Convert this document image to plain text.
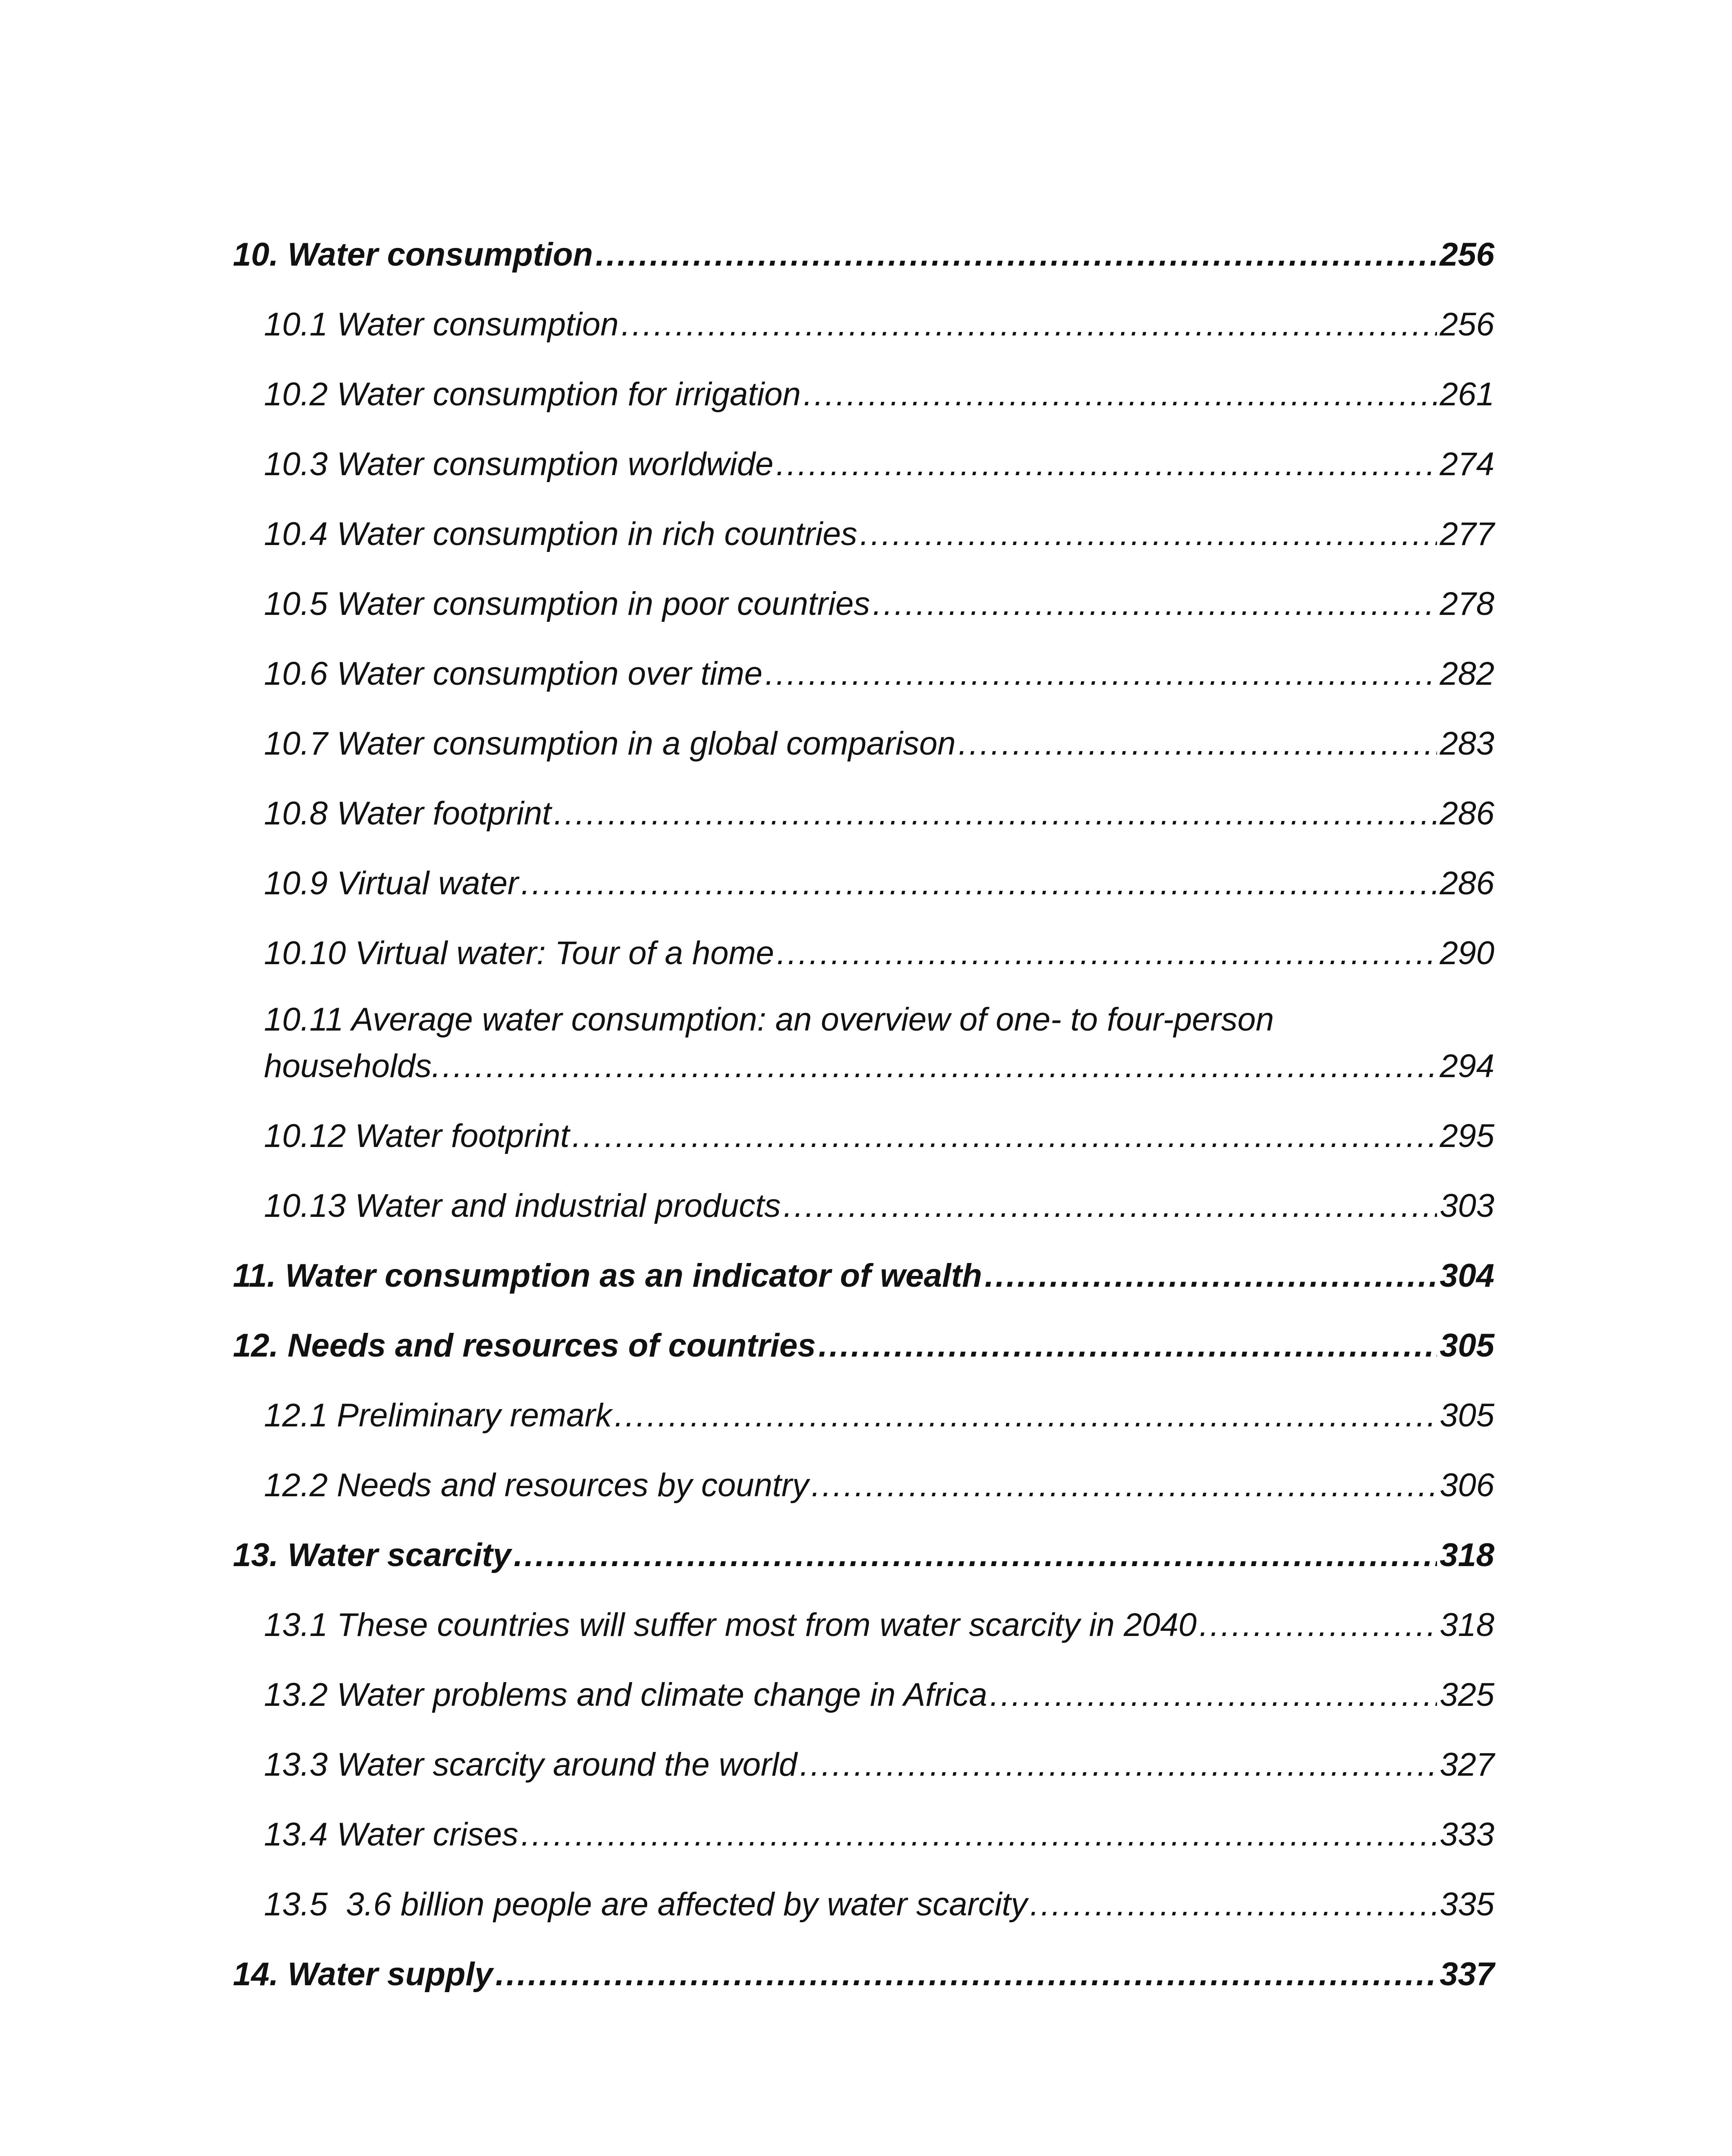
10. Water consumption .....	256
10.1 Water consumption .....	256
10.2 Water consumption for irrigation .....	261
10.3 Water consumption worldwide .....	274
10.4 Water consumption in rich countries .....	277
10.5 Water consumption in poor countries .....	278
10.6 Water consumption over time .....	282
10.7 Water consumption in a global comparison .....	283
10.8 Water footprint .....	286
10.9 Virtual water .....	286
10.10 Virtual water: Tour of a home .....	290
10.11 Average water consumption: an overview of one- to four-person
households .....	294
10.12 Water footprint .....	295
10.13 Water and industrial products .....	303
11. Water consumption as an indicator of wealth .....	304
12. Needs and resources of countries .....	305
12.1 Preliminary remark .....	305
12.2 Needs and resources by country .....	306
13. Water scarcity .....	318
13.1 These countries will suffer most from water scarcity in 2040 .....	318
13.2 Water problems and climate change in Africa .....	325
13.3 Water scarcity around the world .....	327
13.4 Water crises .....	333
13.5  3.6 billion people are affected by water scarcity .....	335
14. Water supply .....	337
